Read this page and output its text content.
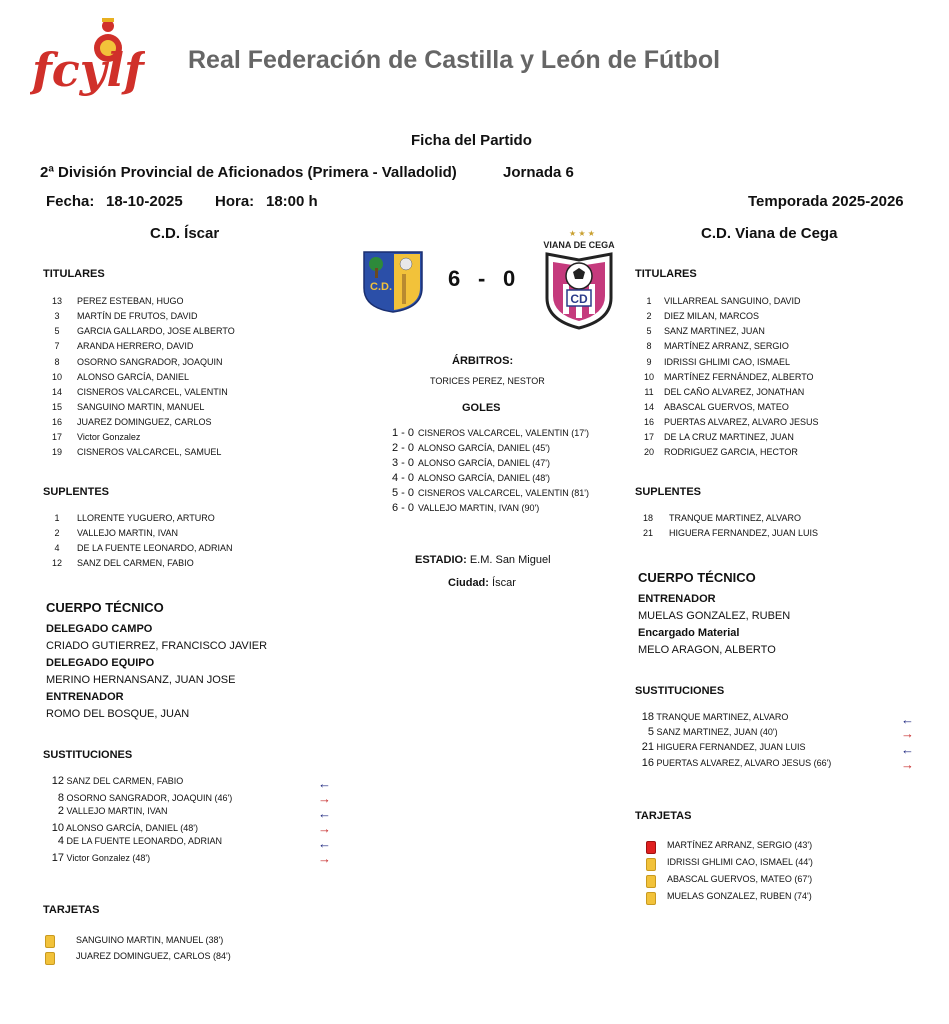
fcylf Real Federación de Castilla y León de Fútbol
Ficha del Partido
2ª División Provincial de Aficionados (Primera - Valladolid)	Jornada 6
Fecha: 18-10-2025 Hora: 18:00 h	Temporada 2025-2026
C.D. Íscar	C.D. Viana de Cega
C.D.	6 - 0
★ ★ ★
VIANA DE CEGA
CD
TITULARES
13	PEREZ ESTEBAN, HUGO
3	MARTÍN DE FRUTOS, DAVID
5	GARCIA GALLARDO, JOSE ALBERTO
7	ARANDA HERRERO, DAVID
8	OSORNO SANGRADOR, JOAQUIN
10	ALONSO GARCÍA, DANIEL
14	CISNEROS VALCARCEL, VALENTIN
15	SANGUINO MARTIN, MANUEL
16	JUAREZ DOMINGUEZ, CARLOS
17	Victor Gonzalez
19	CISNEROS VALCARCEL, SAMUEL
SUPLENTES
1	LLORENTE YUGUERO, ARTURO
2	VALLEJO MARTIN, IVAN
4	DE LA FUENTE LEONARDO, ADRIAN
12	SANZ DEL CARMEN, FABIO
CUERPO TÉCNICO
DELEGADO CAMPO
CRIADO GUTIERREZ, FRANCISCO JAVIER
DELEGADO EQUIPO
MERINO HERNANSANZ, JUAN JOSE
ENTRENADOR
ROMO DEL BOSQUE, JUAN
SUSTITUCIONES
12 SANZ DEL CARMEN, FABIO	←
8 OSORNO SANGRADOR, JOAQUIN (46')	→
2 VALLEJO MARTIN, IVAN	←
10 ALONSO GARCÍA, DANIEL (48')	→
4 DE LA FUENTE LEONARDO, ADRIAN	←
17 Victor Gonzalez (48')	→
TARJETAS
SANGUINO MARTIN, MANUEL (38')
JUAREZ DOMINGUEZ, CARLOS (84')
ÁRBITROS:
TORICES PEREZ, NESTOR
GOLES
1 - 0 CISNEROS VALCARCEL, VALENTIN (17')
2 - 0 ALONSO GARCÍA, DANIEL (45')
3 - 0 ALONSO GARCÍA, DANIEL (47')
4 - 0 ALONSO GARCÍA, DANIEL (48')
5 - 0 CISNEROS VALCARCEL, VALENTIN (81')
6 - 0 VALLEJO MARTIN, IVAN (90')
ESTADIO: E.M. San Miguel
Ciudad: Íscar
TITULARES
1	VILLARREAL SANGUINO, DAVID
2	DIEZ MILAN, MARCOS
5	SANZ MARTINEZ, JUAN
8	MARTÍNEZ ARRANZ, SERGIO
9	IDRISSI GHLIMI CAO, ISMAEL
10	MARTÍNEZ FERNÁNDEZ, ALBERTO
11	DEL CAÑO ALVAREZ, JONATHAN
14	ABASCAL GUERVOS, MATEO
16	PUERTAS ALVAREZ, ALVARO JESUS
17	DE LA CRUZ MARTINEZ, JUAN
20	RODRIGUEZ GARCIA, HECTOR
SUPLENTES
18	TRANQUE MARTINEZ, ALVARO
21	HIGUERA FERNANDEZ, JUAN LUIS
CUERPO TÉCNICO
ENTRENADOR
MUELAS GONZALEZ, RUBEN
Encargado Material
MELO ARAGON, ALBERTO
SUSTITUCIONES
18 TRANQUE MARTINEZ, ALVARO	←
5 SANZ MARTINEZ, JUAN (40')	→
21 HIGUERA FERNANDEZ, JUAN LUIS	←
16 PUERTAS ALVAREZ, ALVARO JESUS (66')	→
TARJETAS
MARTÍNEZ ARRANZ, SERGIO (43')
IDRISSI GHLIMI CAO, ISMAEL (44')
ABASCAL GUERVOS, MATEO (67')
MUELAS GONZALEZ, RUBEN (74')
